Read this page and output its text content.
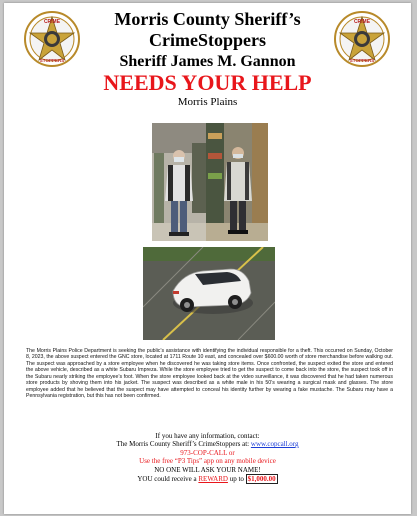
CRIME
STOPPERS
CRIME
STOPPERS
Morris County Sheriff’s
CrimeStoppers
Sheriff James M. Gannon
NEEDS YOUR HELP
Morris Plains
The Morris Plains Police Department is seeking the public’s assistance with identifying the individual responsible for a theft. This occurred on Sunday, October 8, 2023, the above suspect entered the GNC store, located at 1711 Route 10 east, and concealed over $600.00 worth of store merchandise before walking out. The suspect was approached by a store employee when he discovered he was taking store items. Once confronted, the suspect exited the store and entered the above vehicle, described as a white Subaru Impreza. While the store employee tried to get the suspect to come back into the store, the suspect took off in the Subaru nearly striking the employee’s foot. When the store employee looked back at the video surveillance, it was discovered that he had taken numerous store products by shoving them into his jacket. The suspect was described as a white male in his 50’s wearing a surgical mask and glasses. The store employee added that he believed that the suspect may have attempted to conceal his identity further by wearing a fake mustache. The Subaru may have a Pennsylvania registration, but this has not been confirmed.
If you have any information, contact:
The Morris County Sheriff’s CrimeStoppers at: www.copcall.org
973-COP-CALL or
Use the free “P3 Tips” app on any mobile device
NO ONE WILL ASK YOUR NAME!
YOU could receive a REWARD up to $1,000.00
